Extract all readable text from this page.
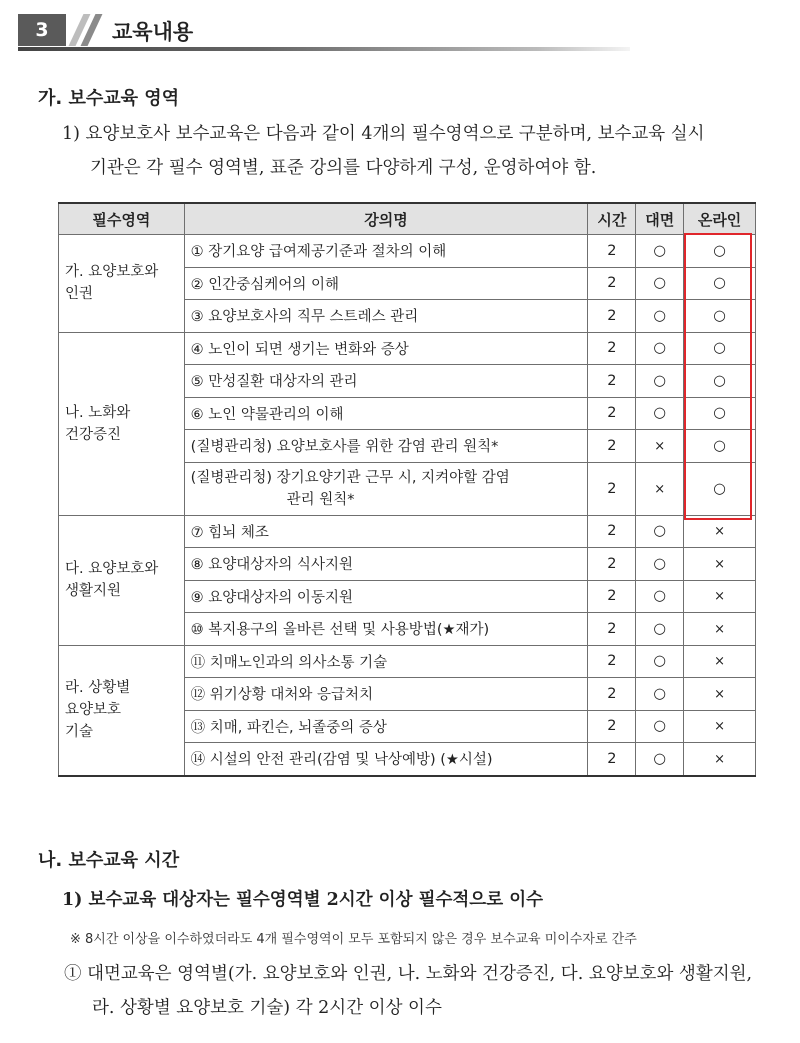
3	교육내용
가. 보수교육 영역
1) 요양보호사 보수교육은 다음과 같이 4개의 필수영역으로 구분하며, 보수교육 실시
기관은 각 필수 영역별, 표준 강의를 다양하게 구성, 운영하여야 함.
필수영역	강의명	시간	대면	온라인
가. 요양보호와
인권	① 장기요양 급여제공기준과 절차의 이해	2	○	○
	② 인간중심케어의 이해	2	○	○
	③ 요양보호사의 직무 스트레스 관리	2	○	○
나. 노화와
건강증진	④ 노인이 되면 생기는 변화와 증상	2	○	○
	⑤ 만성질환 대상자의 관리	2	○	○
	⑥ 노인 약물관리의 이해	2	○	○
	(질병관리청) 요양보호사를 위한 감염 관리 원칙*	2	×	○
	(질병관리청) 장기요양기관 근무 시, 지켜야할 감염
관리 원칙*	2	×	○
다. 요양보호와
생활지원	⑦ 힘뇌 체조	2	○	×
	⑧ 요양대상자의 식사지원	2	○	×
	⑨ 요양대상자의 이동지원	2	○	×
	⑩ 복지용구의 올바른 선택 및 사용방법(★재가)	2	○	×
라. 상황별
요양보호
기술	⑪ 치매노인과의 의사소통 기술	2	○	×
	⑫ 위기상황 대처와 응급처치	2	○	×
	⑬ 치매, 파킨슨, 뇌졸중의 증상	2	○	×
	⑭ 시설의 안전 관리(감염 및 낙상예방) (★시설)	2	○	×
나. 보수교육 시간
1) 보수교육 대상자는 필수영역별 2시간 이상 필수적으로 이수
※ 8시간 이상을 이수하였더라도 4개 필수영역이 모두 포함되지 않은 경우 보수교육 미이수자로 간주
① 대면교육은 영역별(가. 요양보호와 인권, 나. 노화와 건강증진, 다. 요양보호와 생활지원,
라. 상황별 요양보호 기술) 각 2시간 이상 이수
